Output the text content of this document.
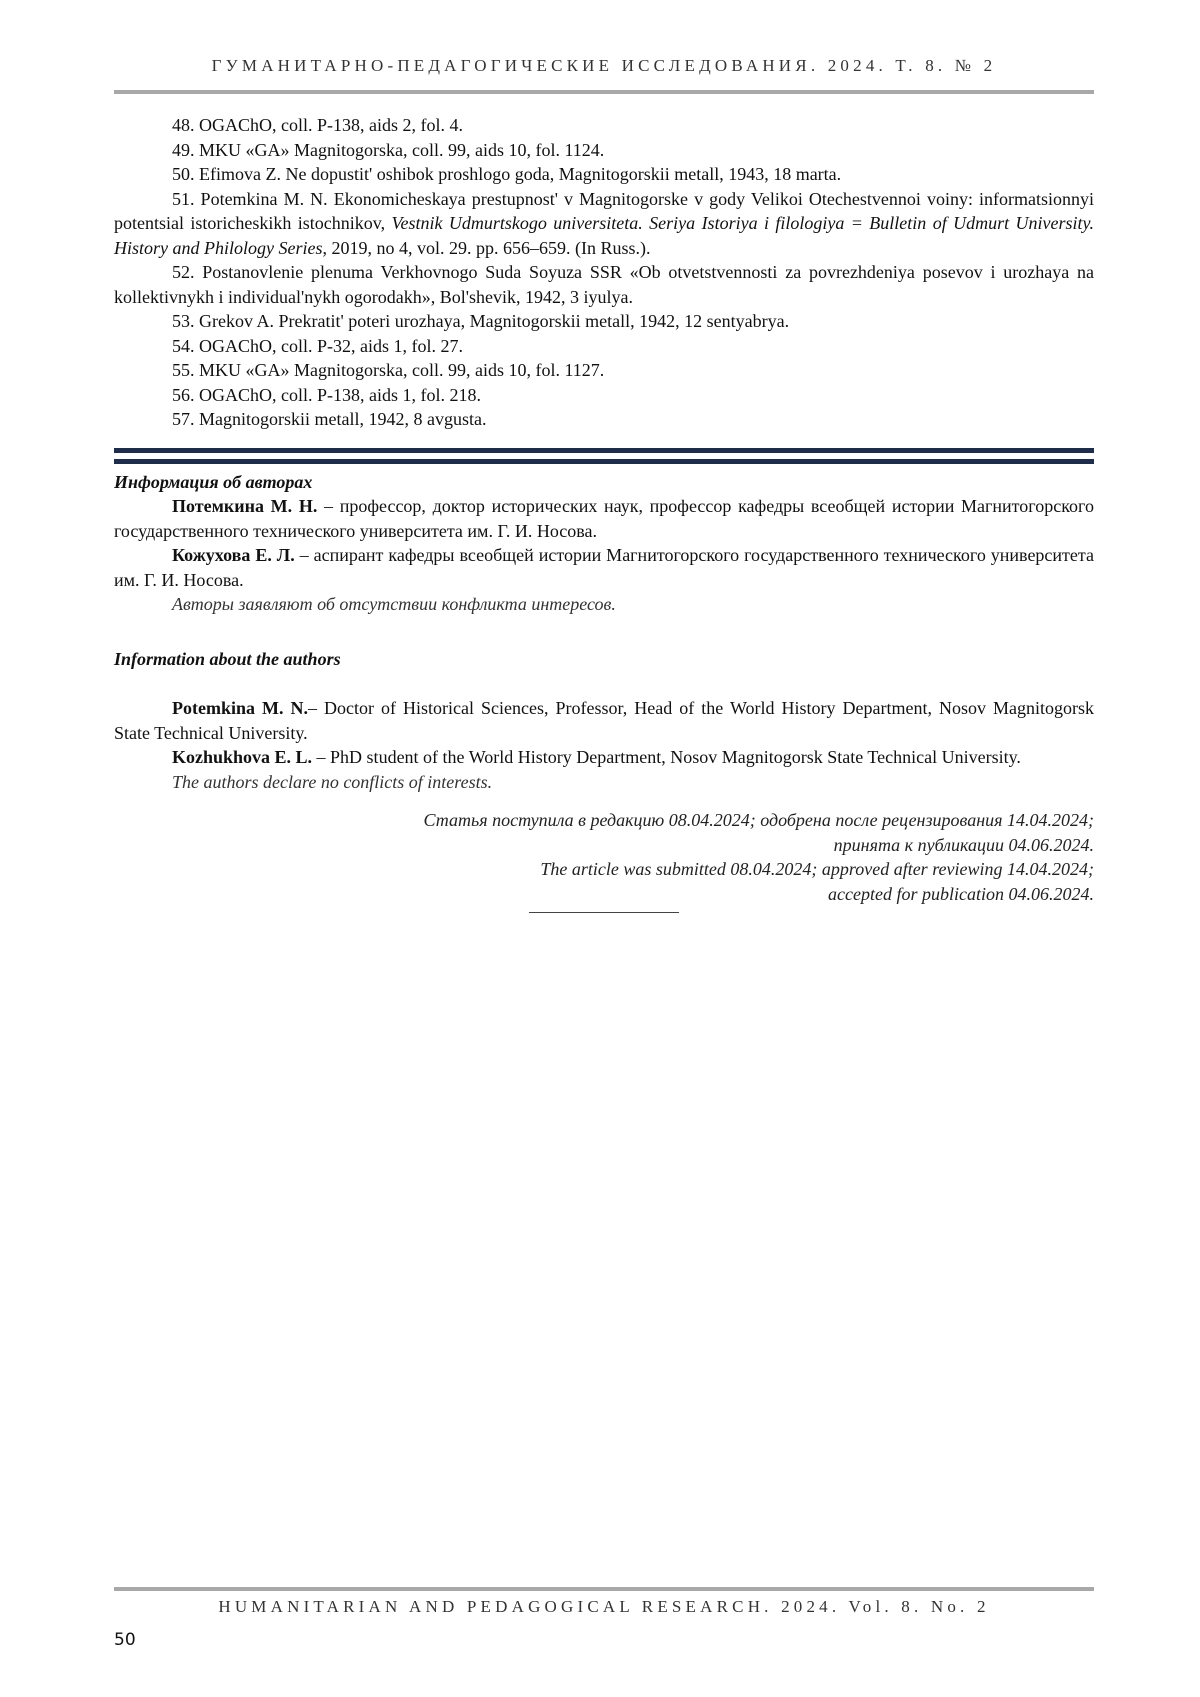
ГУМАНИТАРНО-ПЕДАГОГИЧЕСКИЕ ИССЛЕДОВАНИЯ. 2024. Т. 8. № 2
48. OGAChO, coll. P-138, aids 2, fol. 4.
49. MKU «GA» Magnitogorska, coll. 99, aids 10, fol. 1124.
50. Efimova Z. Ne dopustit' oshibok proshlogo goda, Magnitogorskii metall, 1943, 18 marta.
51. Potemkina M. N. Ekonomicheskaya prestupnost' v Magnitogorske v gody Velikoi Otechestvennoi voiny: informatsionnyi potentsial istoricheskikh istochnikov, Vestnik Udmurtskogo universiteta. Seriya Istoriya i filologiya = Bulletin of Udmurt University. History and Philology Series, 2019, no 4, vol. 29. pp. 656–659. (In Russ.).
52. Postanovlenie plenuma Verkhovnogo Suda Soyuza SSR «Ob otvetstvennosti za povrezhdeniya posevov i urozhaya na kollektivnykh i individual'nykh ogorodakh», Bol'shevik, 1942, 3 iyulya.
53. Grekov A. Prekratit' poteri urozhaya, Magnitogorskii metall, 1942, 12 sentyabrya.
54. OGAChO, coll. P-32, aids 1, fol. 27.
55. MKU «GA» Magnitogorska, coll. 99, aids 10, fol. 1127.
56. OGAChO, coll. P-138, aids 1, fol. 218.
57. Magnitogorskii metall, 1942, 8 avgusta.
Информация об авторах
Потемкина М. Н. – профессор, доктор исторических наук, профессор кафедры всеобщей истории Магнитогорского государственного технического университета им. Г. И. Носова.
Кожухова Е. Л. – аспирант кафедры всеобщей истории Магнитогорского государственного технического университета им. Г. И. Носова.
Авторы заявляют об отсутствии конфликта интересов.
Information about the authors
Potemkina M. N.– Doctor of Historical Sciences, Professor, Head of the World History Department, Nosov Magnitogorsk State Technical University.
Kozhukhova E. L. – PhD student of the World History Department, Nosov Magnitogorsk State Technical University.
The authors declare no conflicts of interests.
Статья поступила в редакцию 08.04.2024; одобрена после рецензирования 14.04.2024;
принята к публикации 04.06.2024.
The article was submitted 08.04.2024; approved after reviewing 14.04.2024;
accepted for publication 04.06.2024.
HUMANITARIAN AND PEDAGOGICAL RESEARCH. 2024. Vol. 8. No. 2
50
